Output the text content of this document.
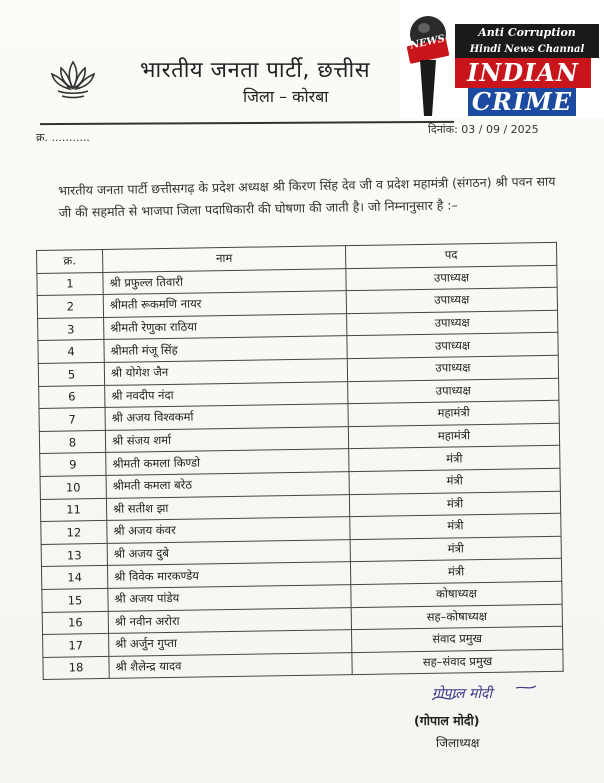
भारतीय जनता पार्टी, छत्तीस
जिला – कोरबा
क्र. ...........
दिनांक: 03 / 09 / 2025
NEWS
Anti Corruption
Hindi News Channal
INDIAN
CRIME
भारतीय जनता पार्टी छत्तीसगढ़ के प्रदेश अध्यक्ष श्री किरण सिंह देव जी व प्रदेश महामंत्री (संगठन) श्री पवन साय जी की सहमति से भाजपा जिला पदाधिकारी की घोषणा की जाती है। जो निम्नानुसार है :–
क्र.	नाम	पद
1	श्री प्रफुल्ल तिवारी	उपाध्यक्ष
2	श्रीमती रूकमणि नायर	उपाध्यक्ष
3	श्रीमती रेणुका राठिया	उपाध्यक्ष
4	श्रीमती मंजू सिंह	उपाध्यक्ष
5	श्री योगेश जैन	उपाध्यक्ष
6	श्री नवदीप नंदा	उपाध्यक्ष
7	श्री अजय विश्वकर्मा	महामंत्री
8	श्री संजय शर्मा	महामंत्री
9	श्रीमती कमला किण्डो	मंत्री
10	श्रीमती कमला बरेठ	मंत्री
11	श्री सतीश झा	मंत्री
12	श्री अजय कंवर	मंत्री
13	श्री अजय दुबे	मंत्री
14	श्री विवेक मारकण्डेय	मंत्री
15	श्री अजय पांडेय	कोषाध्यक्ष
16	श्री नवीन अरोरा	सह–कोषाध्यक्ष
17	श्री अर्जुन गुप्ता	संवाद प्रमुख
18	श्री शैलेन्द्र यादव	सह–संवाद प्रमुख
गोपाल मोदी
(गोपाल मोदी)
जिलाध्यक्ष
